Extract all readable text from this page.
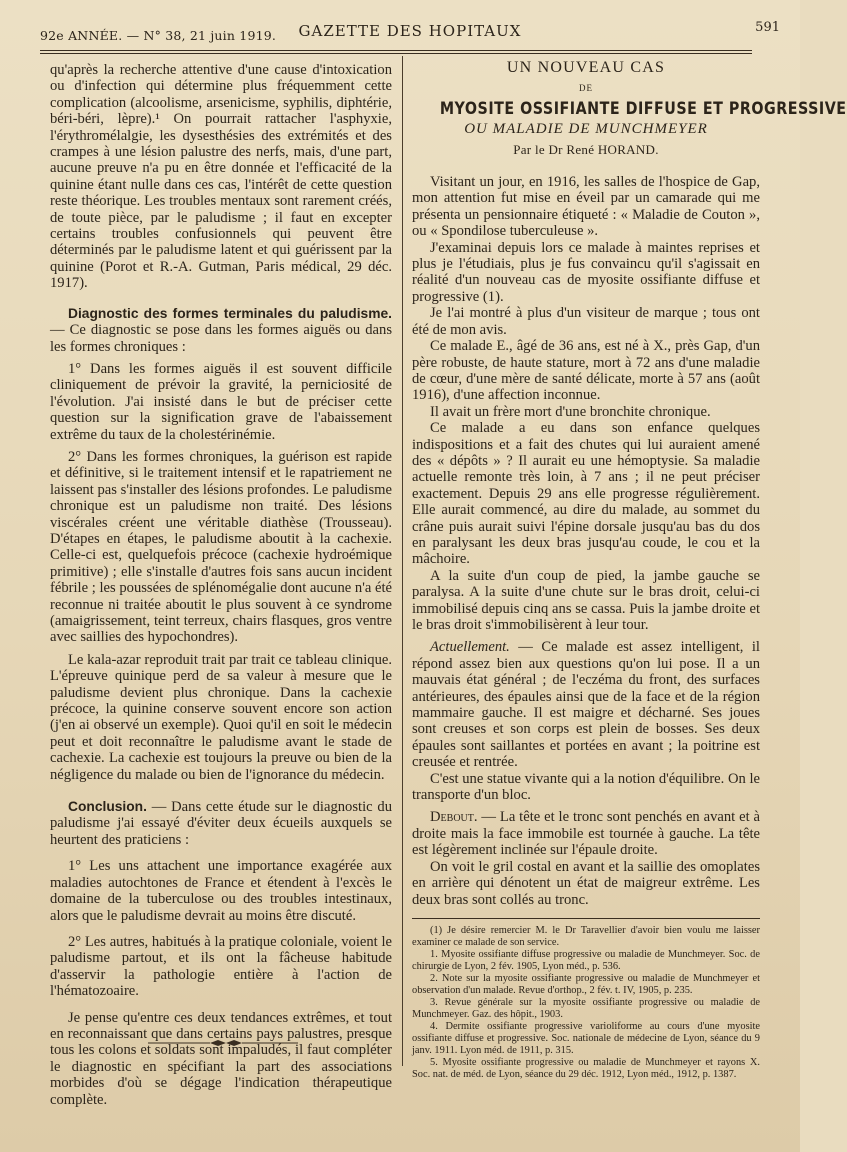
92e ANNÉE. — N° 38, 21 juin 1919.	GAZETTE DES HOPITAUX	591

qu'après la recherche attentive d'une cause d'intoxication ou d'infection qui détermine plus fréquemment cette complication (alcoolisme, arsenicisme, syphilis, diphtérie, béri-béri, lèpre).¹ On pourrait rattacher l'asphyxie, l'érythromélalgie, les dysesthésies des extrémités et des crampes à une lésion palustre des nerfs, mais, d'une part, aucune preuve n'a pu en être donnée et l'efficacité de la quinine étant nulle dans ces cas, l'intérêt de cette question reste théorique. Les troubles mentaux sont rarement créés, de toute pièce, par le paludisme ; il faut en excepter certains troubles confusionnels qui peuvent être déterminés par le paludisme latent et qui guérissent par la quinine (Porot et R.-A. Gutman, Paris médical, 29 déc. 1917).

Diagnostic des formes terminales du paludisme. — Ce diagnostic se pose dans les formes aiguës ou dans les formes chroniques :

1° Dans les formes aiguës il est souvent difficile cliniquement de prévoir la gravité, la perniciosité de l'évolution. J'ai insisté dans le but de préciser cette question sur la signification grave de l'abaissement extrême du taux de la cholestérinémie.

2° Dans les formes chroniques, la guérison est rapide et définitive, si le traitement intensif et le rapatriement ne laissent pas s'installer des lésions profondes. Le paludisme chronique est un paludisme non traité. Des lésions viscérales créent une véritable diathèse (Trousseau). D'étapes en étapes, le paludisme aboutit à la cachexie. Celle-ci est, quelquefois précoce (cachexie hydroémique primitive) ; elle s'installe d'autres fois sans aucun incident fébrile ; les poussées de splénomégalie dont aucune n'a été reconnue ni traitée aboutit le plus souvent à ce syndrome (amaigrissement, teint terreux, chairs flasques, gros ventre avec saillies des hypochondres).

Le kala-azar reproduit trait par trait ce tableau clinique. L'épreuve quinique perd de sa valeur à mesure que le paludisme devient plus chronique. Dans la cachexie précoce, la quinine conserve souvent encore son action (j'en ai observé un exemple). Quoi qu'il en soit le médecin peut et doit reconnaître le paludisme avant le stade de cachexie. La cachexie est toujours la preuve ou bien de la négligence du malade ou bien de l'ignorance du médecin.

Conclusion. — Dans cette étude sur le diagnostic du paludisme j'ai essayé d'éviter deux écueils auxquels se heurtent des praticiens :

1° Les uns attachent une importance exagérée aux maladies autochtones de France et étendent à l'excès le domaine de la tuberculose ou des troubles intestinaux, alors que le paludisme devrait au moins être discuté.

2° Les autres, habitués à la pratique coloniale, voient le paludisme partout, et ils ont la fâcheuse habitude d'asservir la pathologie entière à l'action de l'hématozoaire.

Je pense qu'entre ces deux tendances extrêmes, et tout en reconnaissant que dans certains pays palustres, presque tous les colons et soldats sont impaludés, il faut compléter le diagnostic en spécifiant la part des associations morbides d'où se dégage l'indication thérapeutique complète.

UN NOUVEAU CAS
DE
MYOSITE OSSIFIANTE DIFFUSE ET PROGRESSIVE
OU MALADIE DE MUNCHMEYER
Par le Dr René HORAND.

Visitant un jour, en 1916, les salles de l'hospice de Gap, mon attention fut mise en éveil par un camarade qui me présenta un pensionnaire étiqueté : « Maladie de Couton », ou « Spondilose tuberculeuse ».

J'examinai depuis lors ce malade à maintes reprises et plus je l'étudiais, plus je fus convaincu qu'il s'agissait en réalité d'un nouveau cas de myosite ossifiante diffuse et progressive (1).

Je l'ai montré à plus d'un visiteur de marque ; tous ont été de mon avis.

Ce malade E., âgé de 36 ans, est né à X., près Gap, d'un père robuste, de haute stature, mort à 72 ans d'une maladie de cœur, d'une mère de santé délicate, morte à 57 ans (août 1916), d'une affection inconnue.

Il avait un frère mort d'une bronchite chronique.

Ce malade a eu dans son enfance quelques indispositions et a fait des chutes qui lui auraient amené des « dépôts » ? Il aurait eu une hémoptysie. Sa maladie actuelle remonte très loin, à 7 ans ; il ne peut préciser exactement. Depuis 29 ans elle progresse régulièrement. Elle aurait commencé, au dire du malade, au sommet du crâne puis aurait suivi l'épine dorsale jusqu'au bas du dos en paralysant les deux bras jusqu'au coude, le cou et la mâchoire.

A la suite d'un coup de pied, la jambe gauche se paralysa. A la suite d'une chute sur le bras droit, celui-ci immobilisé depuis cinq ans se cassa. Puis la jambe droite et le bras droit s'immobilisèrent à leur tour.

Actuellement. — Ce malade est assez intelligent, il répond assez bien aux questions qu'on lui pose. Il a un mauvais état général ; de l'eczéma du front, des surfaces antérieures, des épaules ainsi que de la face et de la région mammaire gauche. Il est maigre et décharné. Ses joues sont creuses et son corps est plein de bosses. Ses deux épaules sont saillantes et portées en avant ; la poitrine est creusée et rentrée.

C'est une statue vivante qui a la notion d'équilibre. On le transporte d'un bloc.

Debout. — La tête et le tronc sont penchés en avant et à droite mais la face immobile est tournée à gauche. La tête est légèrement inclinée sur l'épaule droite.

On voit le gril costal en avant et la saillie des omoplates en arrière qui dénotent un état de maigreur extrême. Les deux bras sont collés au tronc.

(1) Je désire remercier M. le Dr Taravellier d'avoir bien voulu me laisser examiner ce malade de son service.

1. Myosite ossifiante diffuse progressive ou maladie de Munchmeyer. Soc. de chirurgie de Lyon, 2 fév. 1905, Lyon méd., p. 536.

2. Note sur la myosite ossifiante progressive ou maladie de Munchmeyer et observation d'un malade. Revue d'orthop., 2 fév. t. IV, 1905, p. 235.

3. Revue générale sur la myosite ossifiante progressive ou maladie de Munchmeyer. Gaz. des hôpit., 1903.

4. Dermite ossifiante progressive varioliforme au cours d'une myosite ossifiante diffuse et progressive. Soc. nationale de médecine de Lyon, séance du 9 janv. 1911. Lyon méd. de 1911, p. 315.

5. Myosite ossifiante progressive ou maladie de Munchmeyer et rayons X. Soc. nat. de méd. de Lyon, séance du 29 déc. 1912, Lyon méd., 1912, p. 1387.
